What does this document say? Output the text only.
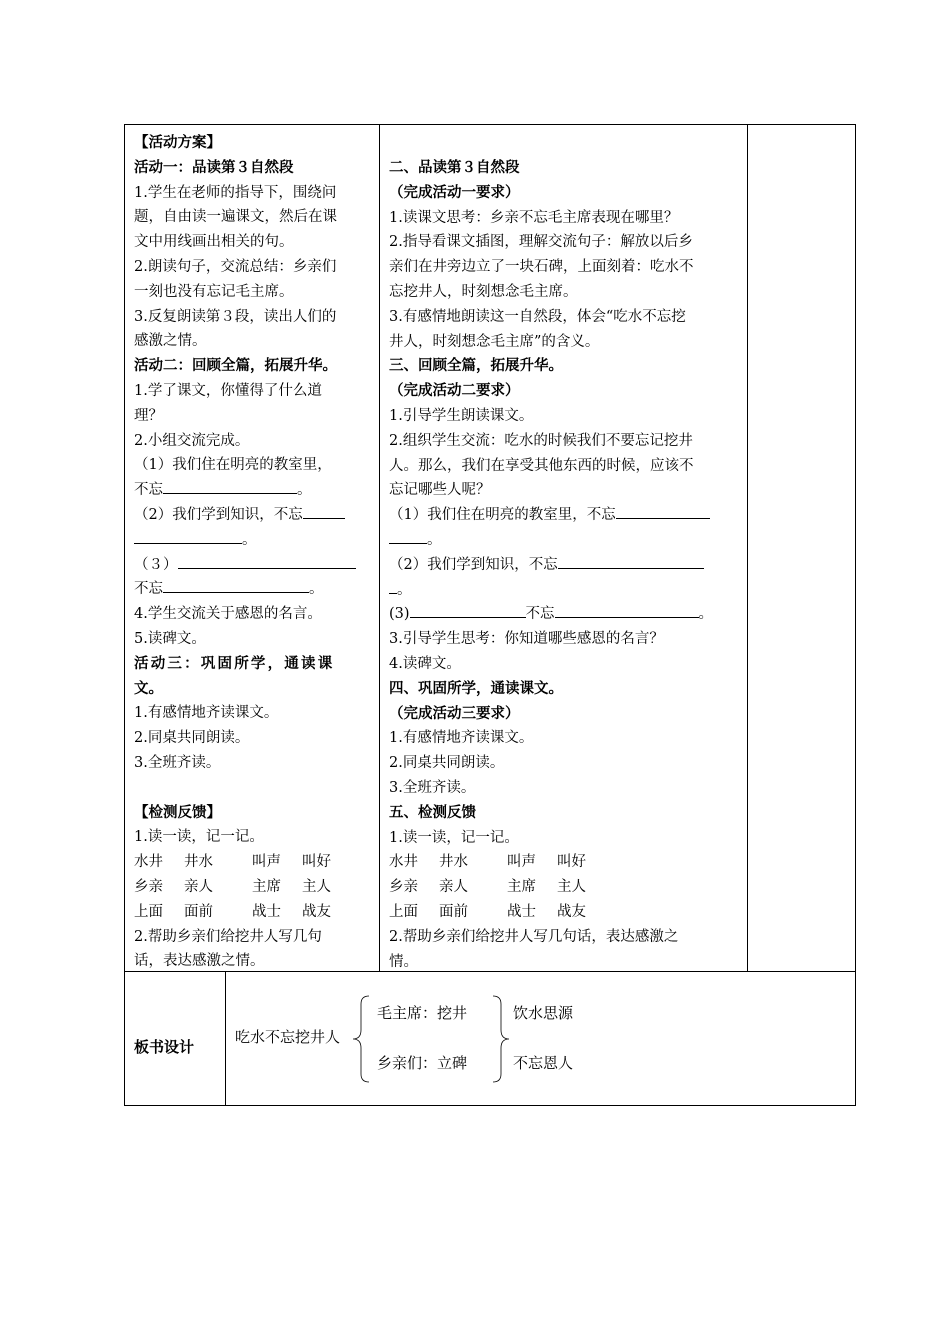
【活动方案】
活动一：品读第３自然段
1.学生在老师的指导下，围绕问
题，自由读一遍课文，然后在课
文中用线画出相关的句。
2.朗读句子，交流总结：乡亲们
一刻也没有忘记毛主席。
3.反复朗读第３段，读出人们的
感激之情。
活动二：回顾全篇，拓展升华。
1.学了课文，你懂得了什么道
理？
2.小组交流完成。
（1）我们住在明亮的教室里，
不忘	。
（2）我们学到知识，不忘
。
（３）
不忘	。
4.学生交流关于感恩的名言。
5.读碑文。
活动三：巩固所学，通读课
文。
1.有感情地齐读课文。
2.同桌共同朗读。
3.全班齐读。
【检测反馈】
1.读一读，记一记。
水井 井水	叫声 叫好
乡亲 亲人	主席 主人
上面 面前	战士 战友
2.帮助乡亲们给挖井人写几句
话，表达感激之情。
二、品读第３自然段
（完成活动一要求）
1.读课文思考：乡亲不忘毛主席表现在哪里？
2.指导看课文插图，理解交流句子：解放以后乡
亲们在井旁边立了一块石碑，上面刻着：吃水不
忘挖井人，时刻想念毛主席。
3.有感情地朗读这一自然段，体会“吃水不忘挖
井人，时刻想念毛主席”的含义。
三、回顾全篇，拓展升华。
（完成活动二要求）
1.引导学生朗读课文。
2.组织学生交流：吃水的时候我们不要忘记挖井
人。那么，我们在享受其他东西的时候，应该不
忘记哪些人呢？
（1）我们住在明亮的教室里，不忘
。
（2）我们学到知识，不忘
。
(3)	不忘	。
3.引导学生思考：你知道哪些感恩的名言？
4.读碑文。
四、巩固所学，通读课文。
（完成活动三要求）
1.有感情地齐读课文。
2.同桌共同朗读。
3.全班齐读。
五、检测反馈
1.读一读，记一记。
水井 井水	叫声 叫好
乡亲 亲人	主席 主人
上面 面前	战士 战友
2.帮助乡亲们给挖井人写几句话，表达感激之
情。
板书设计
吃水不忘挖井人
毛主席：挖井
乡亲们：立碑
饮水思源
不忘恩人
